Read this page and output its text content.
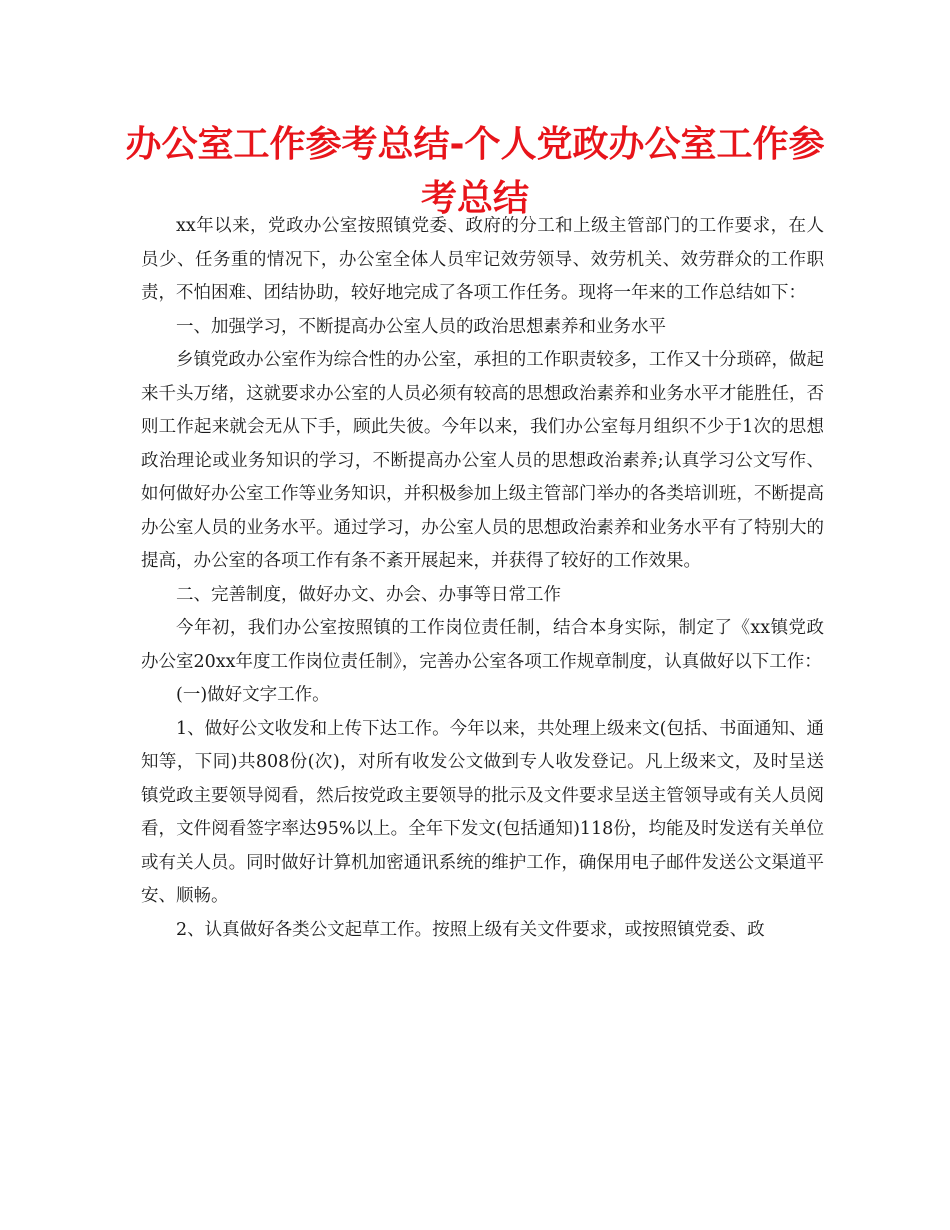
办公室工作参考总结-个人党政办公室工作参考总结

xx年以来，党政办公室按照镇党委、政府的分工和上级主管部门的工作要求，在人员少、任务重的情况下，办公室全体人员牢记效劳领导、效劳机关、效劳群众的工作职责，不怕困难、团结协助，较好地完成了各项工作任务。现将一年来的工作总结如下：

一、加强学习，不断提高办公室人员的政治思想素养和业务水平

乡镇党政办公室作为综合性的办公室，承担的工作职责较多，工作又十分琐碎，做起来千头万绪，这就要求办公室的人员必须有较高的思想政治素养和业务水平才能胜任，否则工作起来就会无从下手，顾此失彼。今年以来，我们办公室每月组织不少于1次的思想政治理论或业务知识的学习，不断提高办公室人员的思想政治素养;认真学习公文写作、如何做好办公室工作等业务知识，并积极参加上级主管部门举办的各类培训班，不断提高办公室人员的业务水平。通过学习，办公室人员的思想政治素养和业务水平有了特别大的提高，办公室的各项工作有条不紊开展起来，并获得了较好的工作效果。

二、完善制度，做好办文、办会、办事等日常工作

今年初，我们办公室按照镇的工作岗位责任制，结合本身实际，制定了《xx镇党政办公室20xx年度工作岗位责任制》，完善办公室各项工作规章制度，认真做好以下工作：

(一)做好文字工作。

1、做好公文收发和上传下达工作。今年以来，共处理上级来文(包括、书面通知、通知等，下同)共808份(次)，对所有收发公文做到专人收发登记。凡上级来文，及时呈送镇党政主要领导阅看，然后按党政主要领导的批示及文件要求呈送主管领导或有关人员阅看，文件阅看签字率达95%以上。全年下发文(包括通知)118份，均能及时发送有关单位或有关人员。同时做好计算机加密通讯系统的维护工作，确保用电子邮件发送公文渠道平安、顺畅。

2、认真做好各类公文起草工作。按照上级有关文件要求，或按照镇党委、政
